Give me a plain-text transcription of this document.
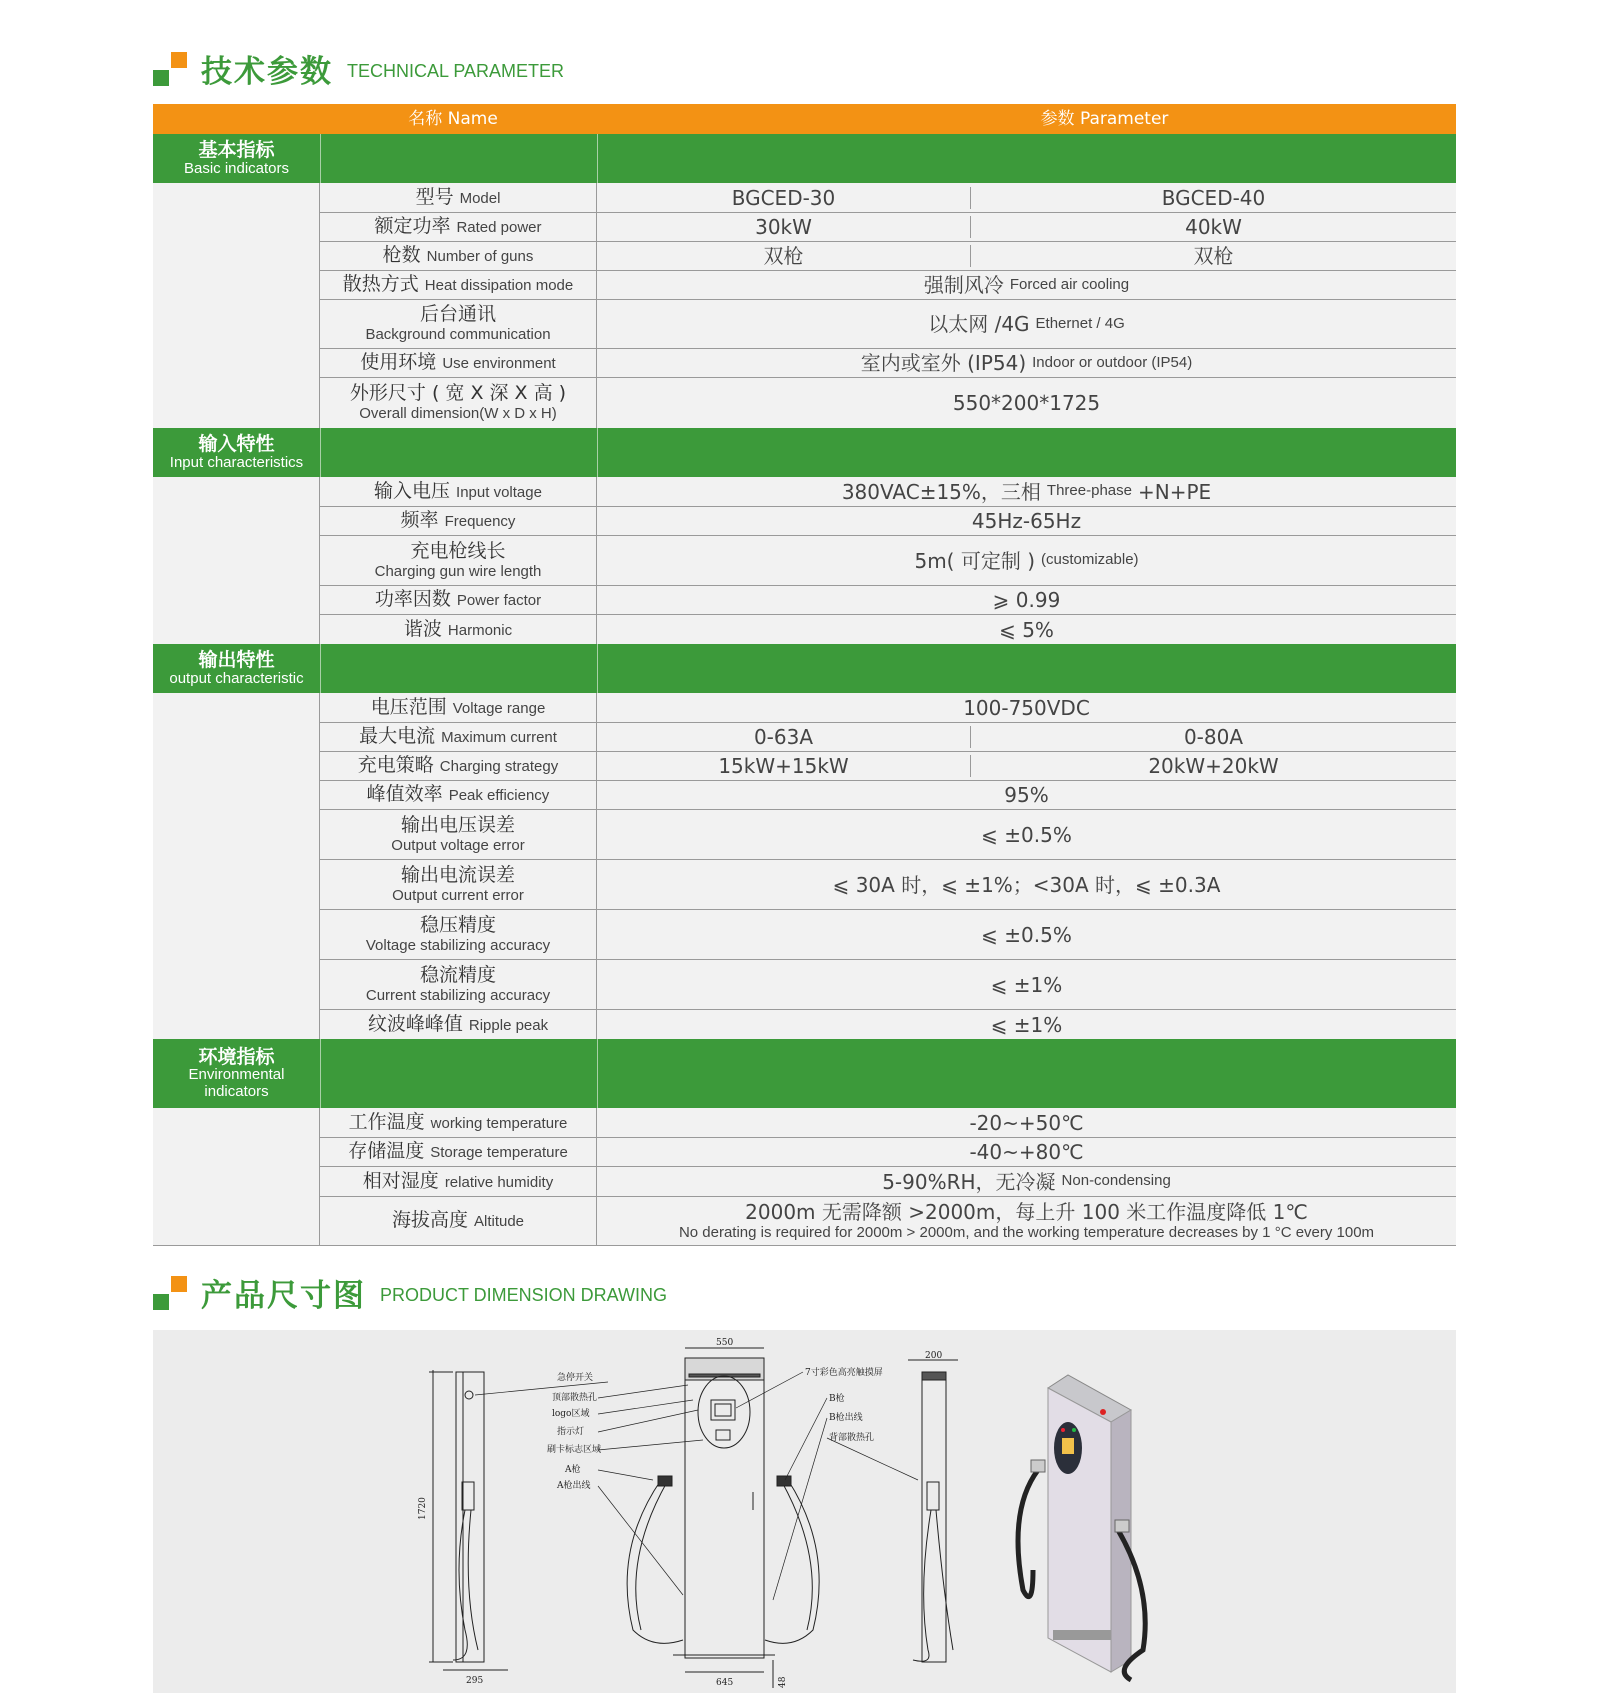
技术参数 TECHNICAL PARAMETER
名称 Name	参数 Parameter
基本指标
Basic indicators
型号 Model	BGCED-30	BGCED-40
额定功率 Rated power	30kW	40kW
枪数 Number of guns	双枪	双枪
散热方式 Heat dissipation mode	强制风冷 Forced air cooling
后台通讯
Background communication	以太网 /4G Ethernet / 4G
使用环境 Use environment	室内或室外 (IP54) Indoor or outdoor (IP54)
外形尺寸 ( 宽 X 深 X 高 )
Overall dimension(W x D x H)	550*200*1725
输入特性
Input characteristics
输入电压 Input voltage	380VAC±15%，三相 Three-phase +N+PE
频率 Frequency	45Hz-65Hz
充电枪线长
Charging gun wire length	5m( 可定制 ) (customizable)
功率因数 Power factor	⩾ 0.99
谐波 Harmonic	⩽ 5%
输出特性
output characteristic
电压范围 Voltage range	100-750VDC
最大电流 Maximum current	0-63A	0-80A
充电策略 Charging strategy	15kW+15kW	20kW+20kW
峰值效率 Peak efficiency	95%
输出电压误差
Output voltage error	⩽ ±0.5%
输出电流误差
Output current error	⩽ 30A 时，⩽ ±1%；<30A 时，⩽ ±0.3A
稳压精度
Voltage stabilizing accuracy	⩽ ±0.5%
稳流精度
Current stabilizing accuracy	⩽ ±1%
纹波峰峰值 Ripple peak	⩽ ±1%
环境指标
Environmental
indicators
工作温度 working temperature	-20~+50℃
存储温度 Storage temperature	-40~+80℃
相对湿度 relative humidity	5-90%RH，无冷凝 Non-condensing
海拔高度 Altitude	2000m 无需降额 >2000m，每上升 100 米工作温度降低 1℃
No derating is required for 2000m > 2000m, and the working temperature decreases by 1 °C every 100m
产品尺寸图 PRODUCT DIMENSION DRAWING
1720
295
急停开关
顶部散热孔
logo区域
指示灯
刷卡标志区域
A枪
A枪出线
550
645	48
7寸彩色高亮触摸屏
B枪
B枪出线
背部散热孔
200
